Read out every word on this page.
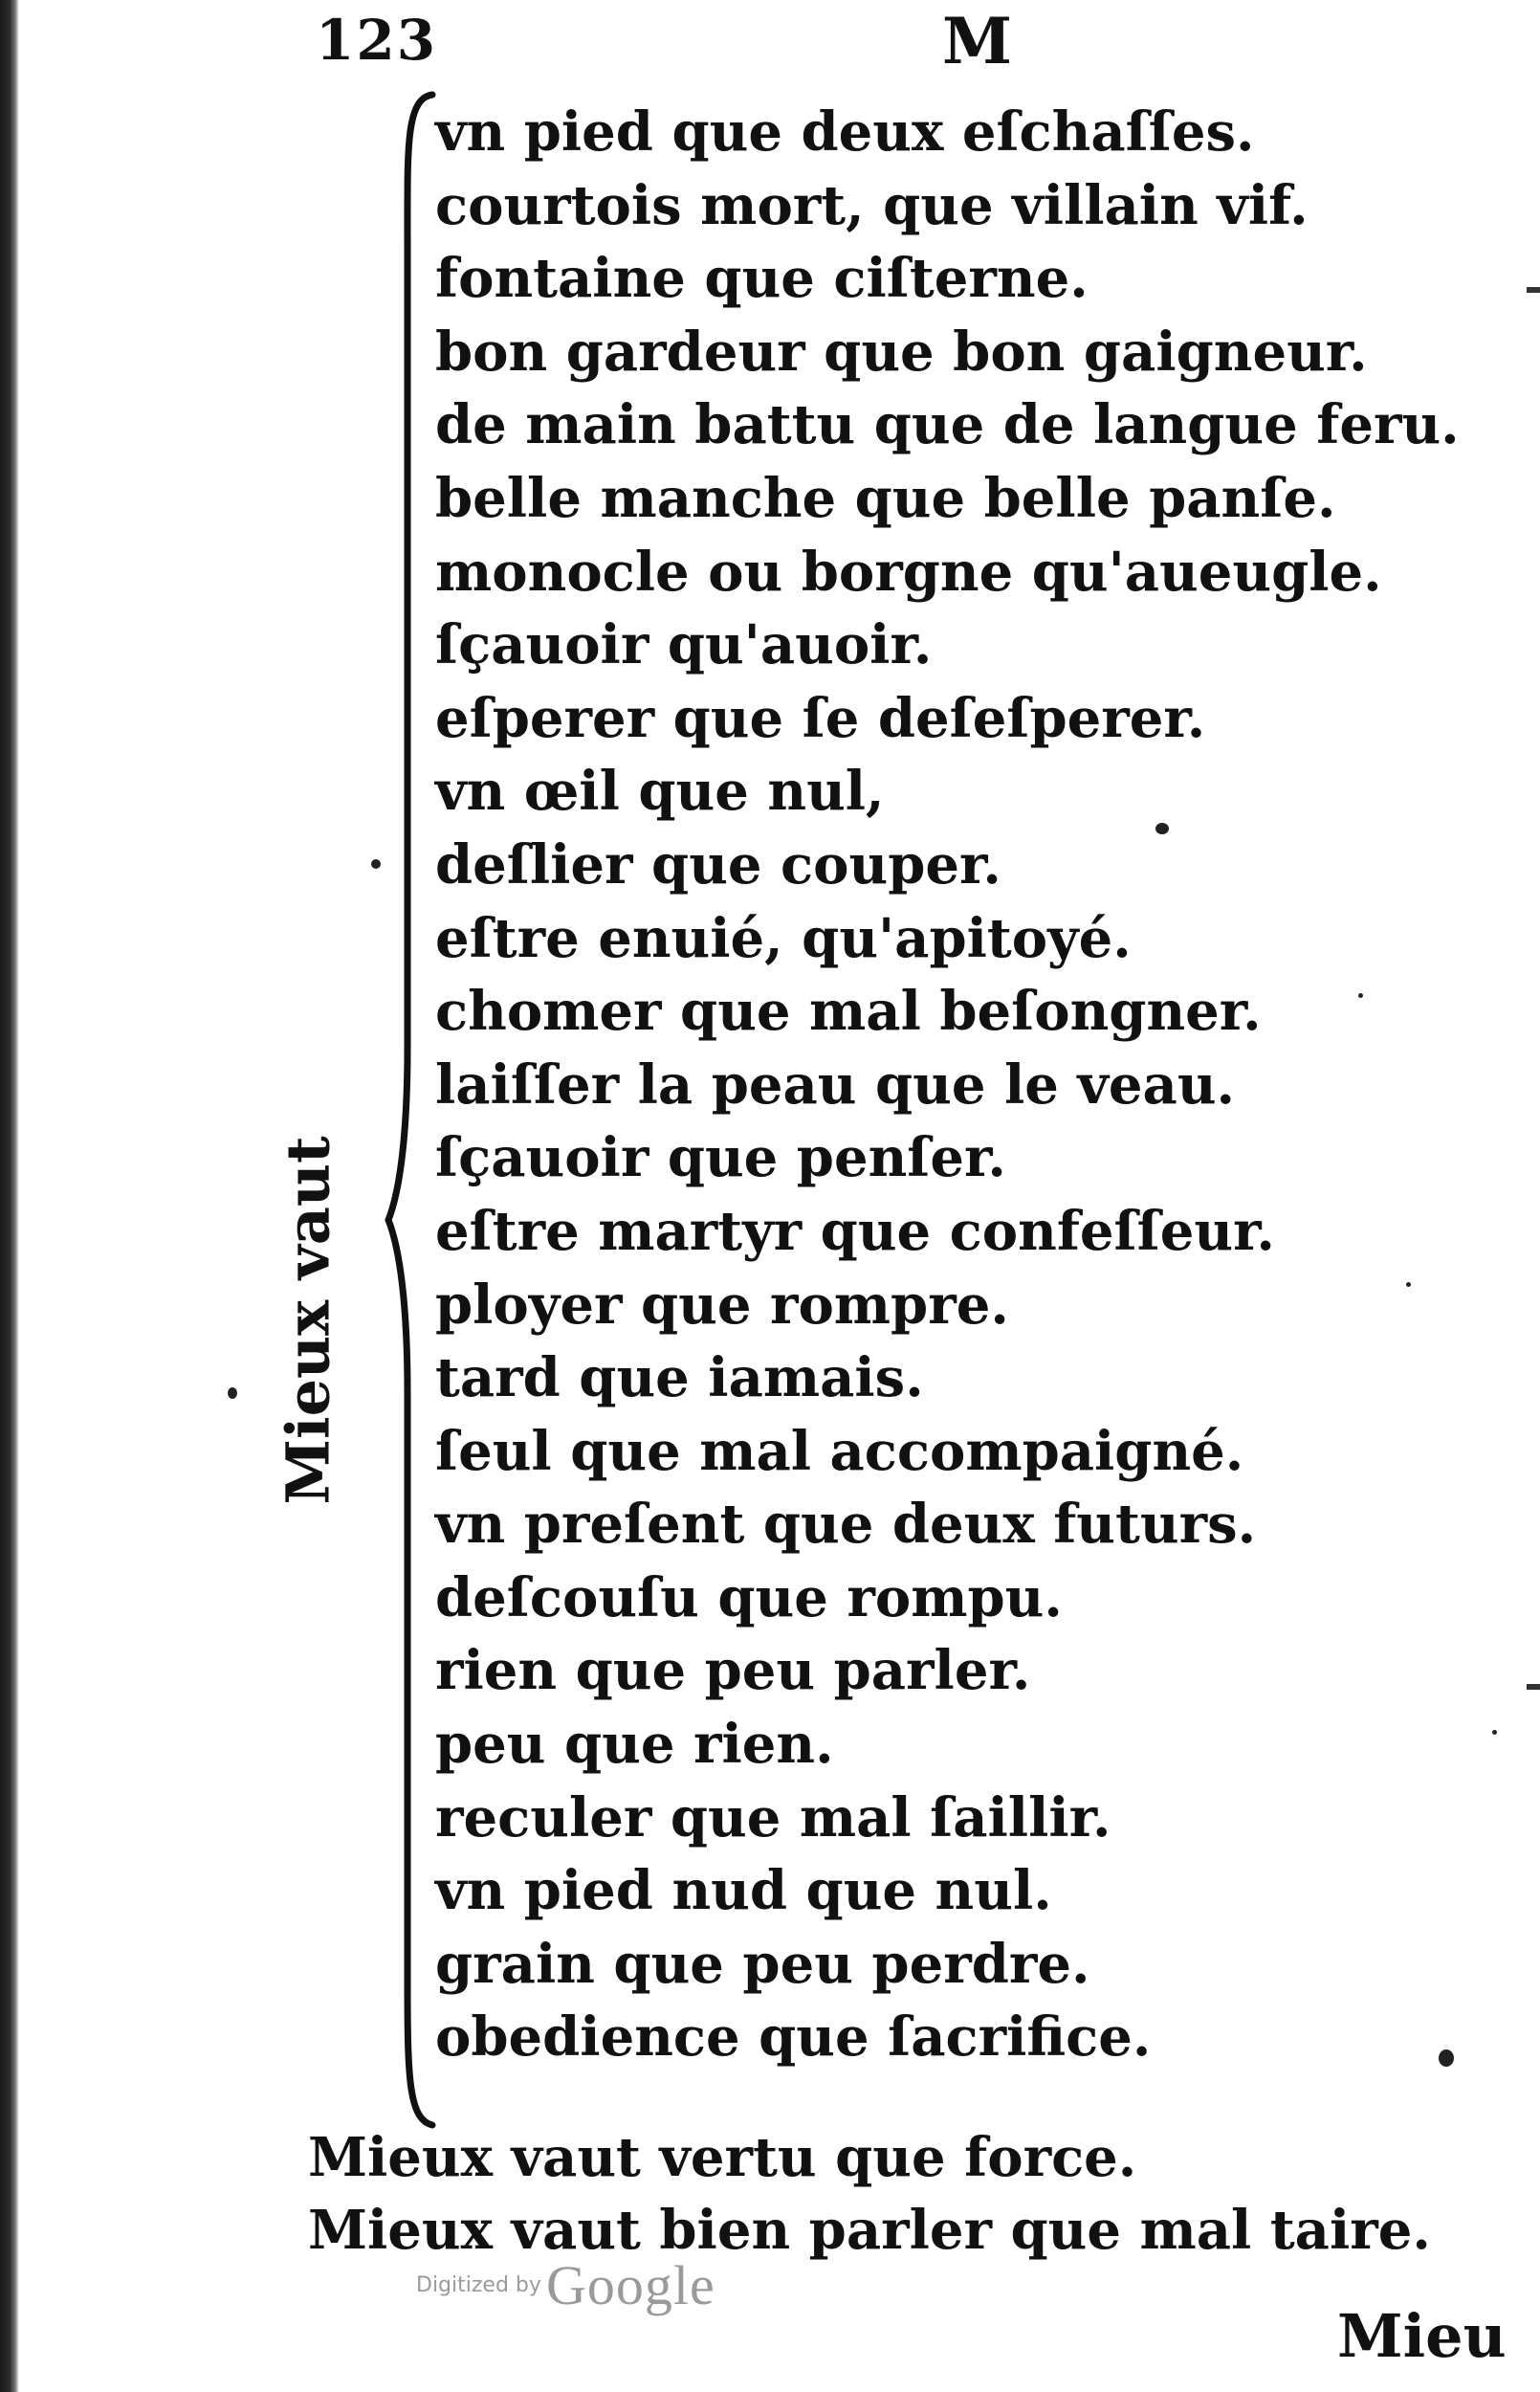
123	M
Mieux vaut
vn pied que deux eſchaſſes.
courtois mort, que villain vif.
fontaine que ciſterne.
bon gardeur que bon gaigneur.
de main battu que de langue feru.
belle manche que belle panſe.
monocle ou borgne qu'aueugle.
ſçauoir qu'auoir.
eſperer que ſe deſeſperer.
vn œil que nul,
deſlier que couper.
eſtre enuié, qu'apitoyé.
chomer que mal beſongner.
laiſſer la peau que le veau.
ſçauoir que penſer.
eſtre martyr que confeſſeur.
ployer que rompre.
tard que iamais.
ſeul que mal accompaigné.
vn preſent que deux futurs.
deſcouſu que rompu.
rien que peu parler.
peu que rien.
reculer que mal ſaillir.
vn pied nud que nul.
grain que peu perdre.
obedience que ſacrifice.
Mieux vaut vertu que force.
Mieux vaut bien parler que mal taire.
Digitized by Google
Mieu
